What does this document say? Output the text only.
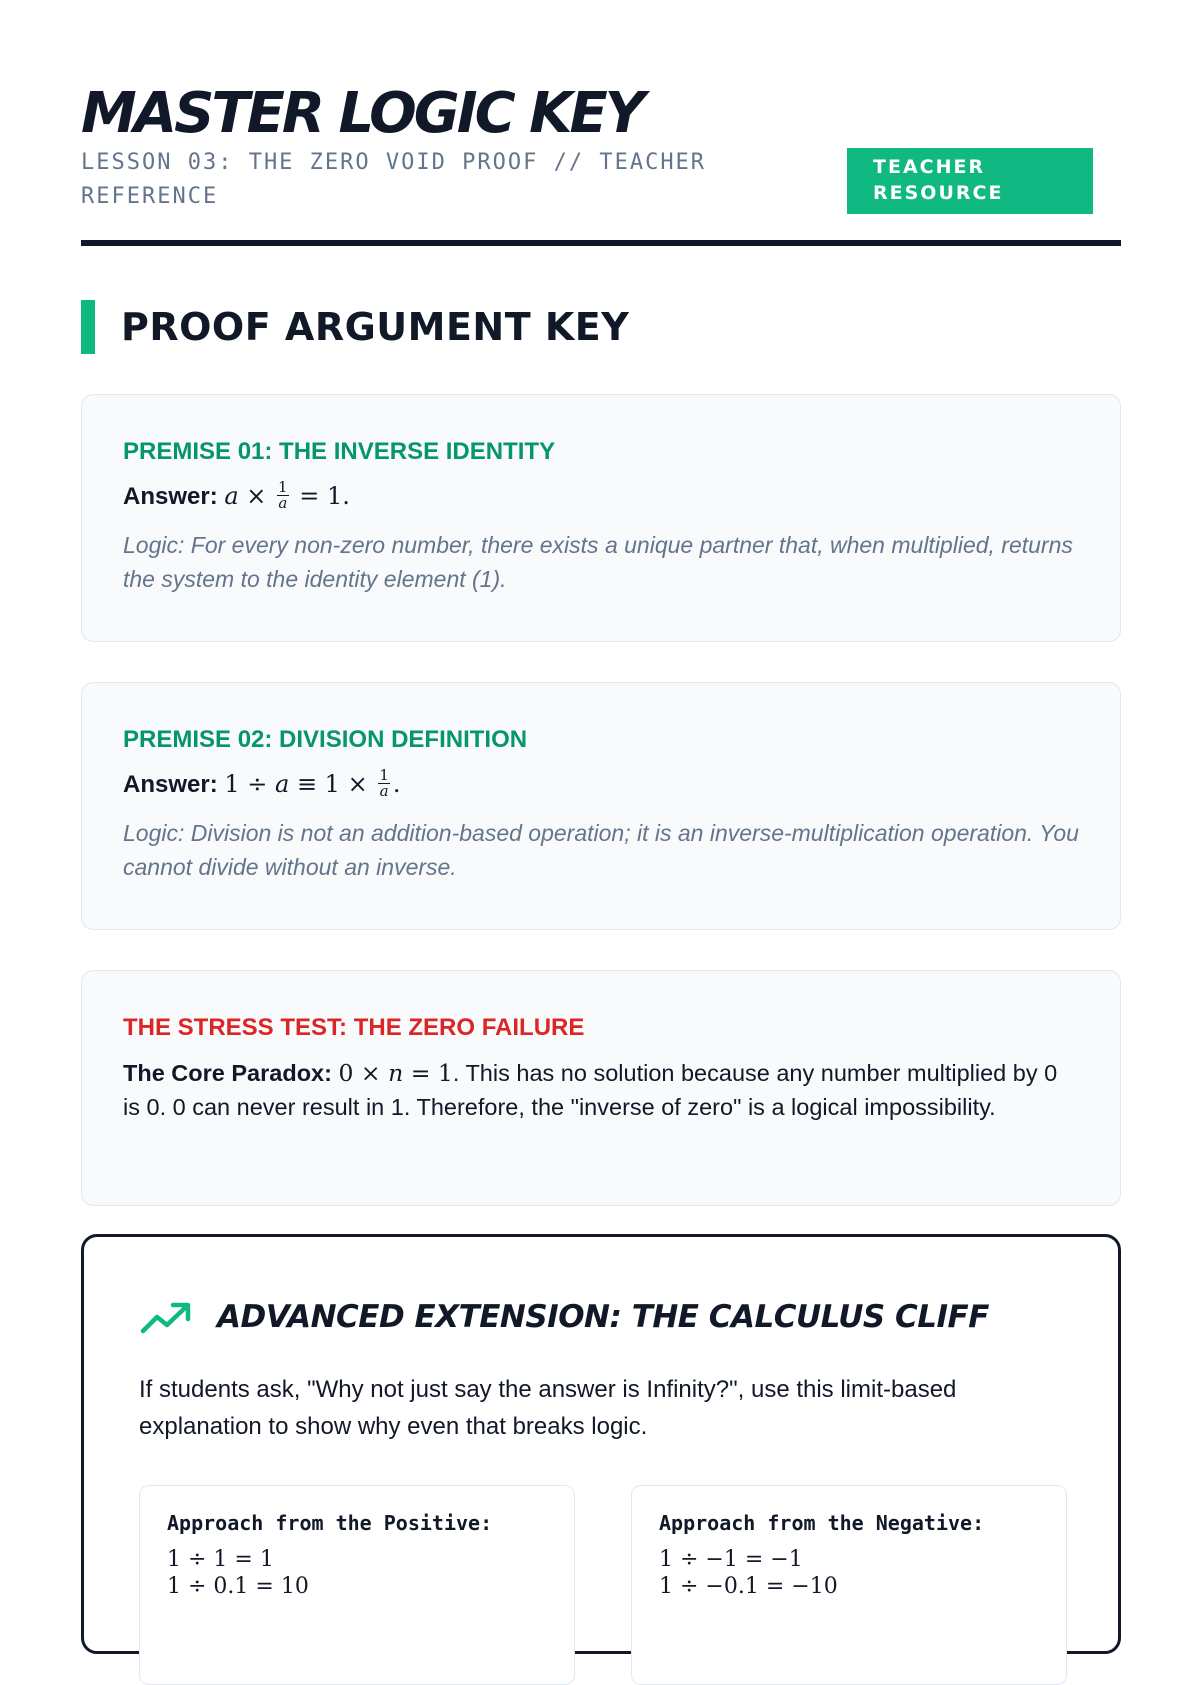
MASTER LOGIC KEY
LESSON 03: THE ZERO VOID PROOF // TEACHER REFERENCE
TEACHER RESOURCE
PROOF ARGUMENT KEY
PREMISE 01: THE INVERSE IDENTITY
Answer: $a \times \frac{1}{a} = 1$.
Logic: For every non-zero number, there exists a unique partner that, when multiplied, returns the system to the identity element (1).
PREMISE 02: DIVISION DEFINITION
Answer: $1 \div a \equiv 1 \times \frac{1}{a}$ .
Logic: Division is not an addition-based operation; it is an inverse-multiplication operation. You cannot divide without an inverse.
THE STRESS TEST: THE ZERO FAILURE
The Core Paradox: 0 × n = 1. This has no solution because any number multiplied by 0 is 0. 0 can never result in 1. Therefore, the "inverse of zero" is a logical impossibility.
ADVANCED EXTENSION: THE CALCULUS CLIFF
If students ask, "Why not just say the answer is Infinity?", use this limit-based explanation to show why even that breaks logic.
Approach from the Positive:
1 ÷ 1 = 1
1 ÷ 0.1 = 10
Approach from the Negative:
1 ÷ −1 = −1
1 ÷ −0.1 = −10
